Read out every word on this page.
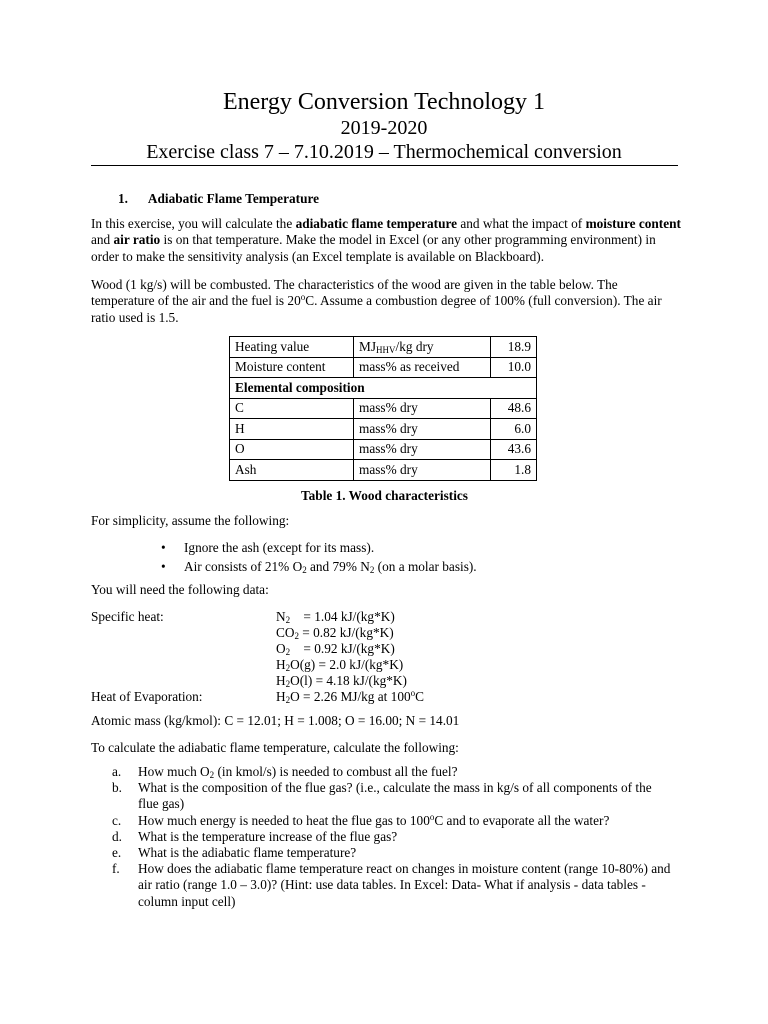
Energy Conversion Technology 1
2019-2020
Exercise class 7 – 7.10.2019 – Thermochemical conversion
1. Adiabatic Flame Temperature
In this exercise, you will calculate the adiabatic flame temperature and what the impact of moisture content and air ratio is on that temperature. Make the model in Excel (or any other programming environment) in order to make the sensitivity analysis (an Excel template is available on Blackboard).
Wood (1 kg/s) will be combusted. The characteristics of the wood are given in the table below. The temperature of the air and the fuel is 20$^o$C. Assume a combustion degree of 100% (full conversion). The air ratio used is 1.5.
Heating value	$MJ_{HHV}/kg$ dry	18.9
Moisture content	mass% as received	10.0
Elemental composition		
C	mass% dry	48.6
H	mass% dry	6.0
O	mass% dry	43.6
Ash	mass% dry	1.8
Table 1. Wood characteristics
For simplicity, assume the following:
• Ignore the ash (except for its mass).
• Air consists of 21% $O_2$ and 79% $N_2$ (on a molar basis).
You will need the following data:
Specific heat:	$N_2$    = 1.04 kJ/(kg*K)
$CO_2 = 0.82$ kJ/(kg*K)
$O_2$    = 0.92 kJ/(kg*K)
$H_2O(g) = 2.0$ kJ/(kg*K)
$H_2O(l) = 4.18$ kJ/(kg*K)
Heat of Evaporation:	$H_2O = 2.26$ MJ/kg at 100$^o$C
Atomic mass (kg/kmol): C = 12.01; H = 1.008; O = 16.00; N = 14.01
To calculate the adiabatic flame temperature, calculate the following:
a. How much $O_2$ (in kmol/s) is needed to combust all the fuel?
b. What is the composition of the flue gas? (i.e., calculate the mass in kg/s of all components of the flue gas)
c. How much energy is needed to heat the flue gas to 100$^o$C and to evaporate all the water?
d. What is the temperature increase of the flue gas?
e. What is the adiabatic flame temperature?
f. How does the adiabatic flame temperature react on changes in moisture content (range 10-80%) and air ratio (range 1.0 – 3.0)? (Hint: use data tables. In Excel: Data- What if analysis - data tables - column input cell)
